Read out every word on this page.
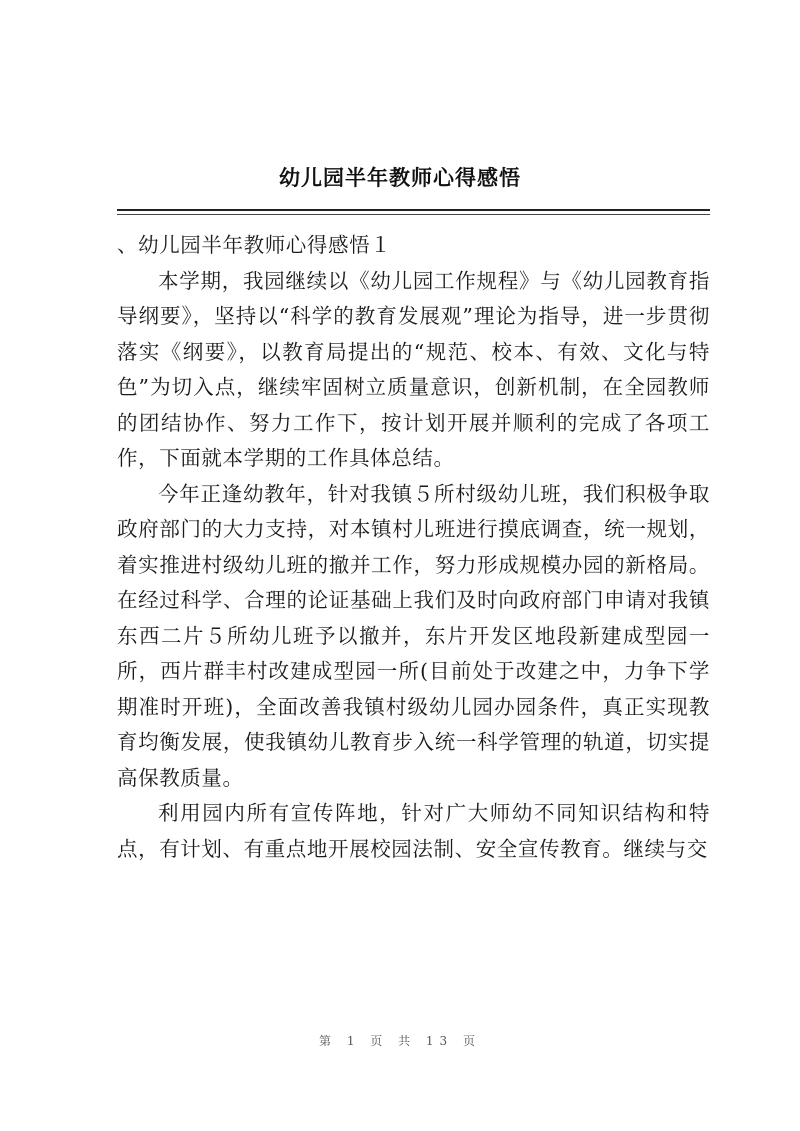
幼儿园半年教师心得感悟

、幼儿园半年教师心得感悟１

本学期，我园继续以《幼儿园工作规程》与《幼儿园教育指导纲要》，坚持以“科学的教育发展观”理论为指导，进一步贯彻落实《纲要》，以教育局提出的“规范、校本、有效、文化与特色”为切入点，继续牢固树立质量意识，创新机制，在全园教师的团结协作、努力工作下，按计划开展并顺利的完成了各项工作，下面就本学期的工作具体总结。

今年正逢幼教年，针对我镇５所村级幼儿班，我们积极争取政府部门的大力支持，对本镇村儿班进行摸底调查，统一规划，着实推进村级幼儿班的撤并工作，努力形成规模办园的新格局。在经过科学、合理的论证基础上我们及时向政府部门申请对我镇东西二片５所幼儿班予以撤并，东片开发区地段新建成型园一所，西片群丰村改建成型园一所(目前处于改建之中，力争下学期准时开班)，全面改善我镇村级幼儿园办园条件，真正实现教育均衡发展，使我镇幼儿教育步入统一科学管理的轨道，切实提高保教质量。

利用园内所有宣传阵地，针对广大师幼不同知识结构和特点，有计划、有重点地开展校园法制、安全宣传教育。继续与交

第 1 页 共 13 页
